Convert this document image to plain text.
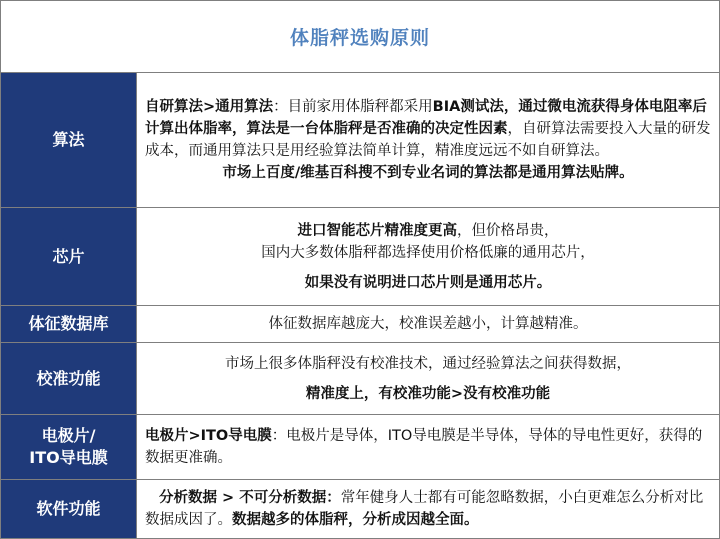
体脂秤选购原则
算法

自研算法>通用算法：目前家用体脂秤都采用BIA测试法，通过微电流获得身体电阻率后计算出体脂率，算法是一台体脂秤是否准确的决定性因素，自研算法需要投入大量的研发成本，而通用算法只是用经验算法简单计算，精准度远远不如自研算法。

市场上百度/维基百科搜不到专业名词的算法都是通用算法贴牌。

芯片

进口智能芯片精准度更高，但价格昂贵，

国内大多数体脂秤都选择使用价格低廉的通用芯片，

如果没有说明进口芯片则是通用芯片。

体征数据库	体征数据库越庞大，校准误差越小，计算越精准。

校准功能

市场上很多体脂秤没有校准技术，通过经验算法之间获得数据，

精准度上，有校准功能>没有校准功能

电极片/
ITO导电膜

电极片>ITO导电膜：电极片是导体，ITO导电膜是半导体，导体的导电性更好，获得的数据更准确。

软件功能

分析数据 > 不可分析数据：常年健身人士都有可能忽略数据，小白更难怎么分析对比数据成因了。数据越多的体脂秤，分析成因越全面。
